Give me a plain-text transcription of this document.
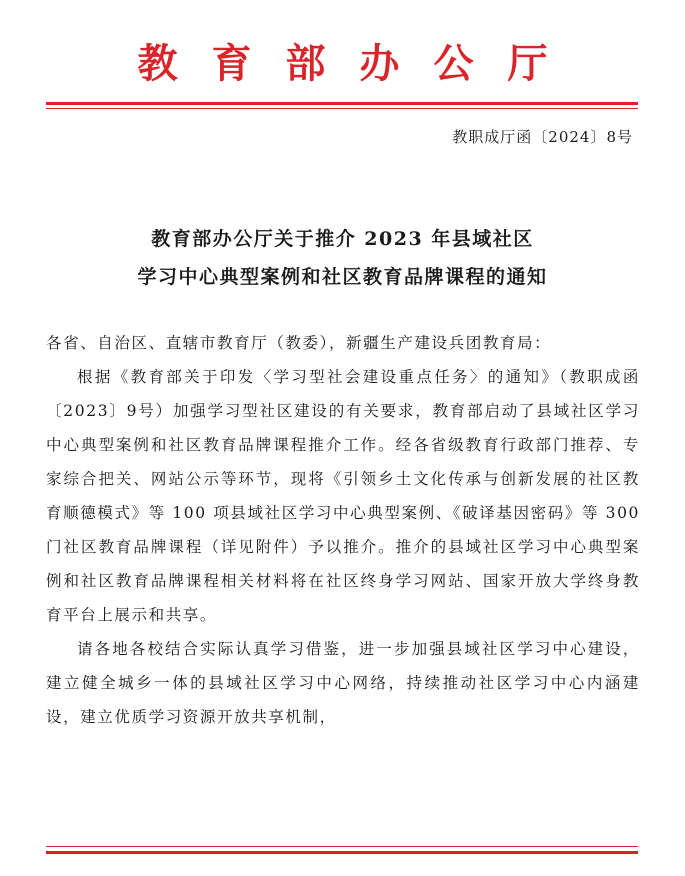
教育部办公厅
教职成厅函〔2024〕8号
教育部办公厅关于推介 2023 年县域社区
学习中心典型案例和社区教育品牌课程的通知

各省、自治区、直辖市教育厅（教委），新疆生产建设兵团教育局：

根据《教育部关于印发〈学习型社会建设重点任务〉的通知》（教职成函〔2023〕9号）加强学习型社区建设的有关要求，教育部启动了县域社区学习中心典型案例和社区教育品牌课程推介工作。经各省级教育行政部门推荐、专家综合把关、网站公示等环节，现将《引领乡土文化传承与创新发展的社区教育顺德模式》等 100 项县域社区学习中心典型案例、《破译基因密码》等 300 门社区教育品牌课程（详见附件）予以推介。推介的县域社区学习中心典型案例和社区教育品牌课程相关材料将在社区终身学习网站、国家开放大学终身教育平台上展示和共享。

请各地各校结合实际认真学习借鉴，进一步加强县域社区学习中心建设，建立健全城乡一体的县域社区学习中心网络，持续推动社区学习中心内涵建设，建立优质学习资源开放共享机制，
